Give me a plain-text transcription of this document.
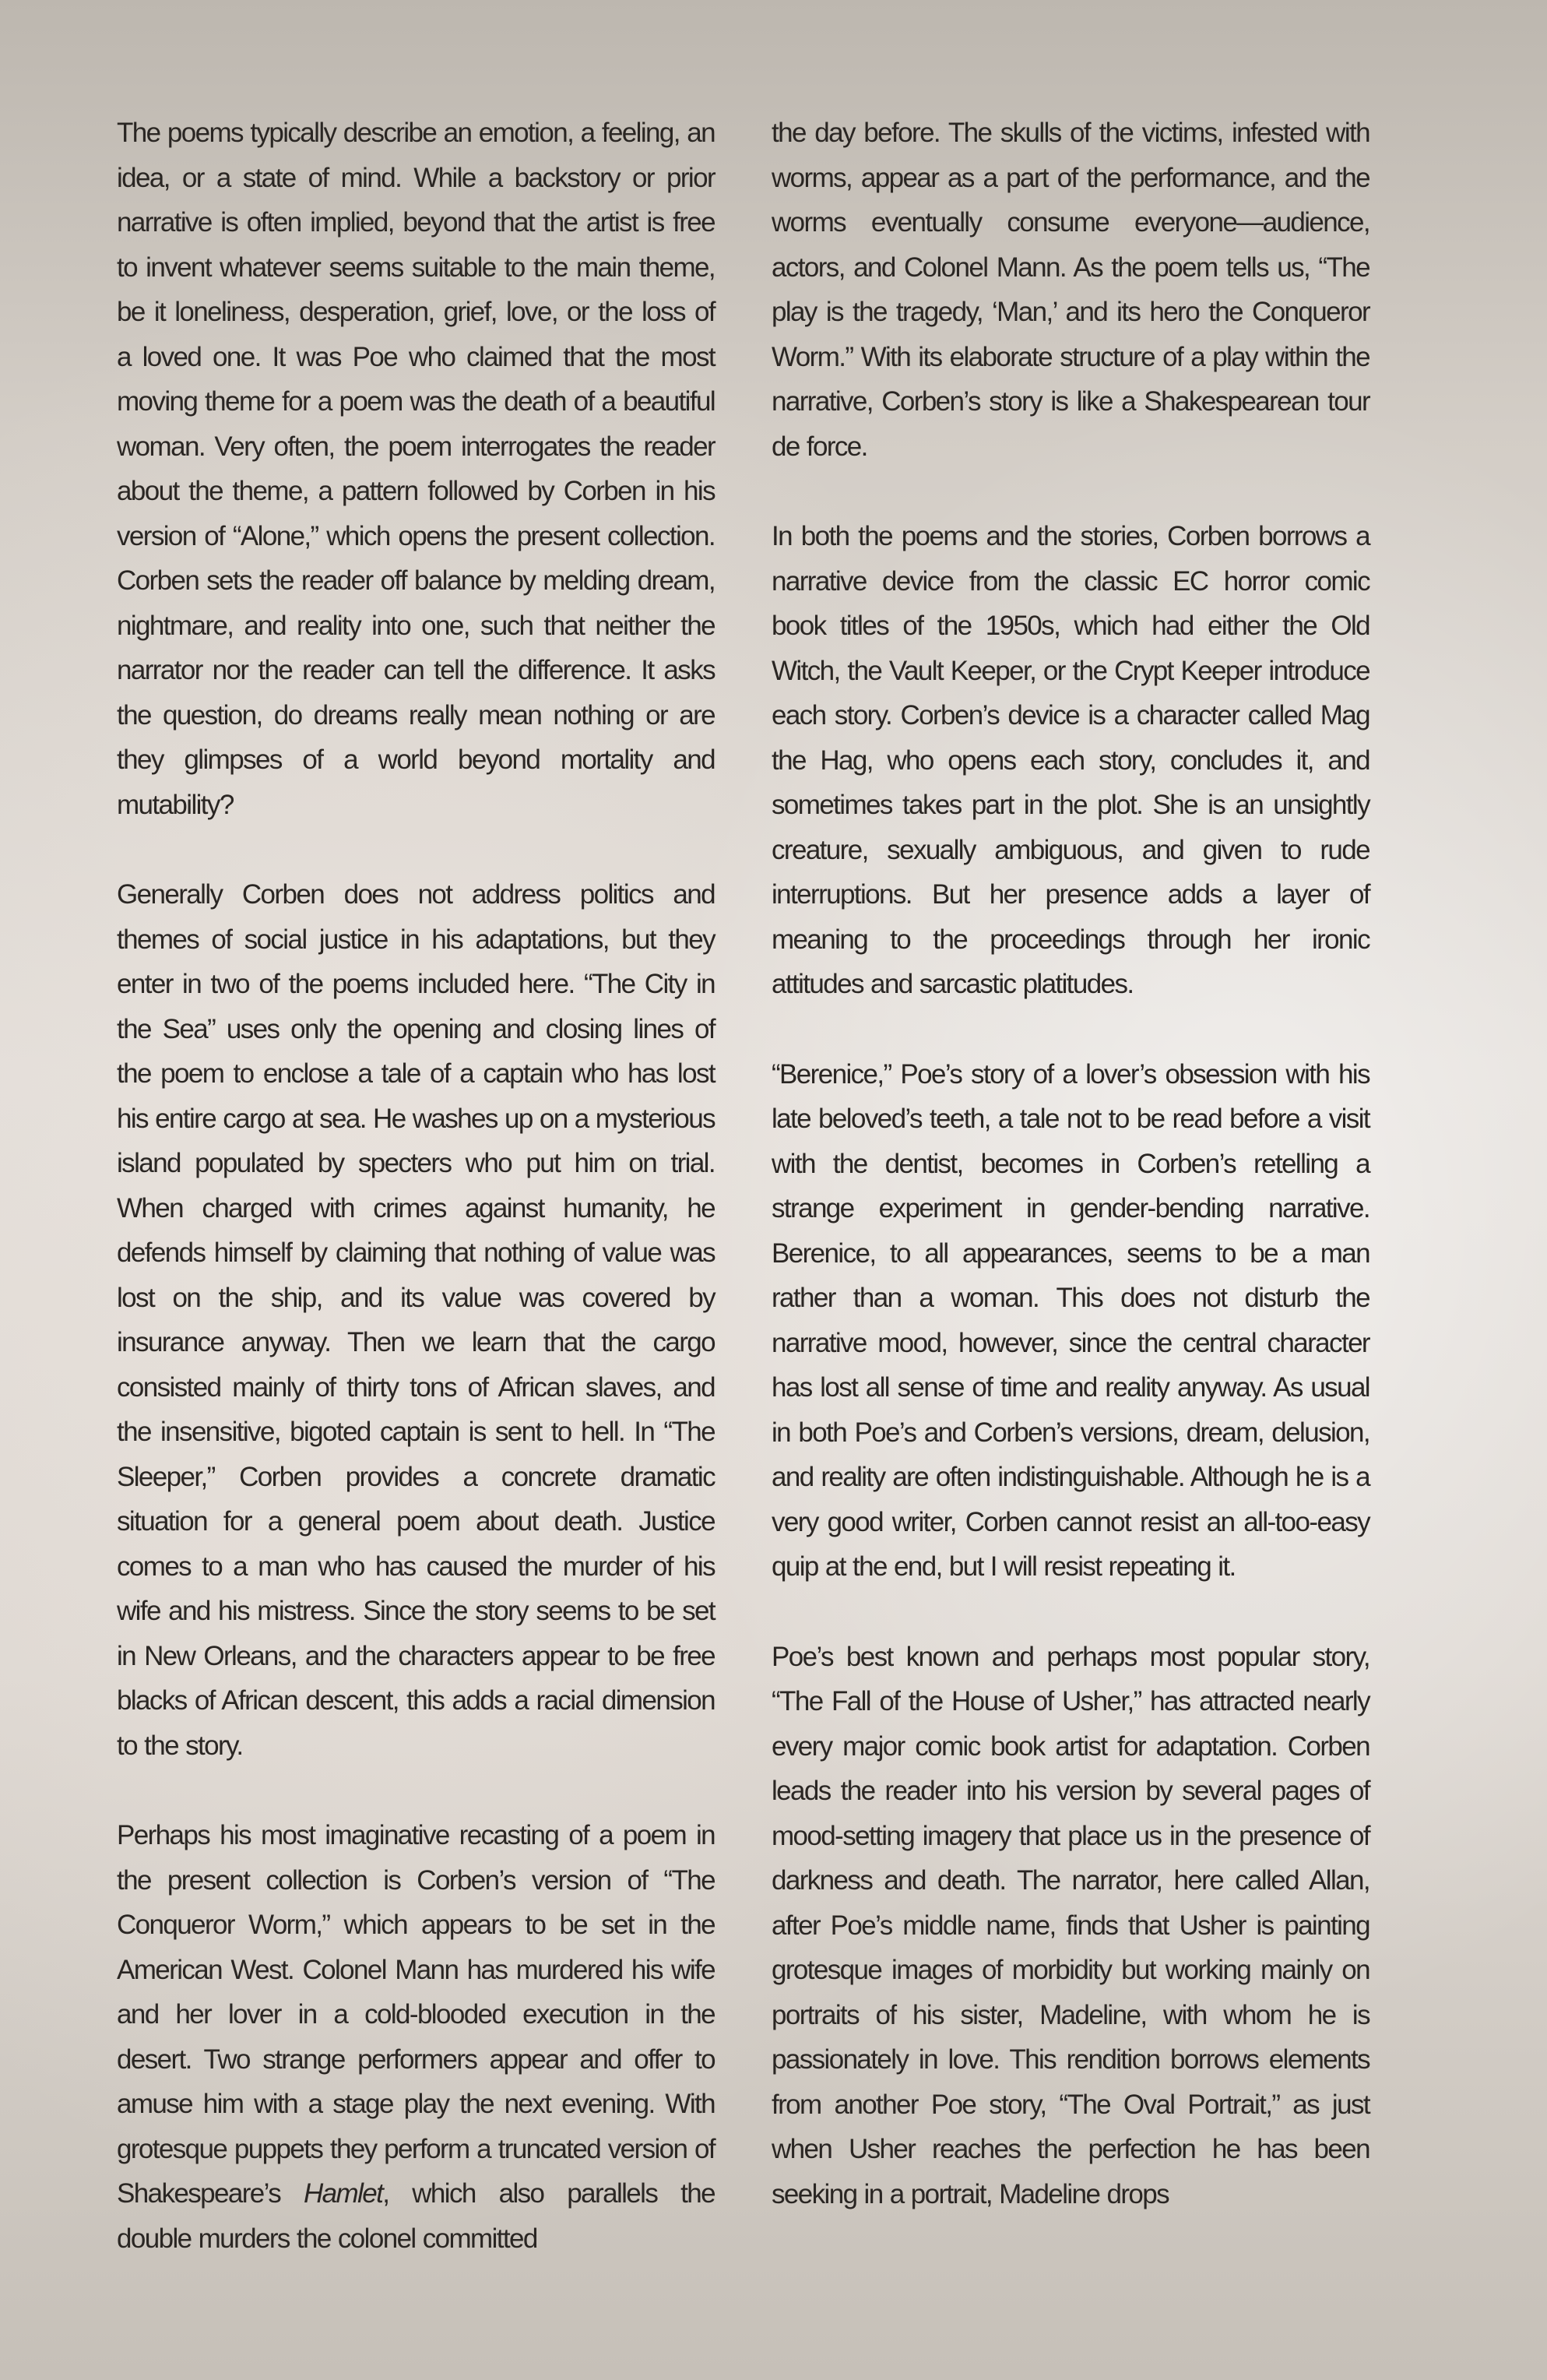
The poems typically describe an emotion, a feeling, an idea, or a state of mind. While a backstory or prior narrative is often implied, beyond that the artist is free to invent whatever seems suitable to the main theme, be it loneliness, desperation, grief, love, or the loss of a loved one. It was Poe who claimed that the most moving theme for a poem was the death of a beautiful woman. Very often, the poem interrogates the reader about the theme, a pattern followed by Corben in his version of “Alone,” which opens the present collection. Corben sets the reader off balance by melding dream, nightmare, and reality into one, such that neither the narrator nor the reader can tell the difference. It asks the question, do dreams really mean nothing or are they glimpses of a world beyond mortality and mutability?

Generally Corben does not address politics and themes of social justice in his adaptations, but they enter in two of the poems included here. “The City in the Sea” uses only the opening and closing lines of the poem to enclose a tale of a captain who has lost his entire cargo at sea. He washes up on a mysterious island populated by specters who put him on trial. When charged with crimes against humanity, he defends himself by claiming that nothing of value was lost on the ship, and its value was covered by insurance anyway. Then we learn that the cargo consisted mainly of thirty tons of African slaves, and the insensitive, bigoted captain is sent to hell. In “The Sleeper,” Corben provides a concrete dramatic situation for a general poem about death. Justice comes to a man who has caused the murder of his wife and his mistress. Since the story seems to be set in New Orleans, and the characters appear to be free blacks of African descent, this adds a racial dimension to the story.

Perhaps his most imaginative recasting of a poem in the present collection is Corben’s version of “The Conqueror Worm,” which appears to be set in the American West. Colonel Mann has murdered his wife and her lover in a cold-blooded execution in the desert. Two strange performers appear and offer to amuse him with a stage play the next evening. With grotesque puppets they perform a truncated version of Shakespeare’s Hamlet, which also parallels the double murders the colonel committed

the day before. The skulls of the victims, infested with worms, appear as a part of the performance, and the worms eventually consume everyone—audience, actors, and Colonel Mann. As the poem tells us, “The play is the tragedy, ‘Man,’ and its hero the Conqueror Worm.” With its elaborate structure of a play within the narrative, Corben’s story is like a Shakespearean tour de force.

In both the poems and the stories, Corben borrows a narrative device from the classic EC horror comic book titles of the 1950s, which had either the Old Witch, the Vault Keeper, or the Crypt Keeper introduce each story. Corben’s device is a character called Mag the Hag, who opens each story, concludes it, and sometimes takes part in the plot. She is an unsightly creature, sexually ambiguous, and given to rude interruptions. But her presence adds a layer of meaning to the proceedings through her ironic attitudes and sarcastic platitudes.

“Berenice,” Poe’s story of a lover’s obsession with his late beloved’s teeth, a tale not to be read before a visit with the dentist, becomes in Corben’s retelling a strange experiment in gender-bending narrative. Berenice, to all appearances, seems to be a man rather than a woman. This does not disturb the narrative mood, however, since the central character has lost all sense of time and reality anyway. As usual in both Poe’s and Corben’s versions, dream, delusion, and reality are often indistinguishable. Although he is a very good writer, Corben cannot resist an all-too-easy quip at the end, but I will resist repeating it.

Poe’s best known and perhaps most popular story, “The Fall of the House of Usher,” has attracted nearly every major comic book artist for adaptation. Corben leads the reader into his version by several pages of mood-setting imagery that place us in the presence of darkness and death. The narrator, here called Allan, after Poe’s middle name, finds that Usher is painting grotesque images of morbidity but working mainly on portraits of his sister, Madeline, with whom he is passionately in love. This rendition borrows elements from another Poe story, “The Oval Portrait,” as just when Usher reaches the perfection he has been seeking in a portrait, Madeline drops
